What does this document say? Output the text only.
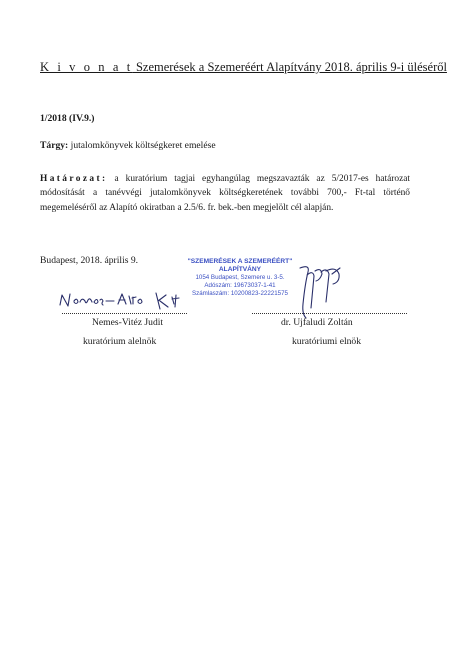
K i v o n a t Szemerések a Szemeréért Alapítvány 2018. április 9-i üléséről
1/2018 (IV.9.)
Tárgy: jutalomkönyvek költségkeret emelése
Határozat: a kuratórium tagjai egyhangúlag megszavazták az 5/2017-es határozat módosítását a tanévvégi jutalomkönyvek költségkeretének további 700,- Ft-tal történő megemeléséről az Alapító okiratban a 2.5/6. fr. bek.-ben megjelölt cél alapján.
Budapest, 2018. április 9.	"SZEMERÉSEK A SZEMERÉÉRT"
ALAPÍTVÁNY
1054 Budapest, Szemere u. 3-5.
Adószám: 19673037-1-41
Számlaszám: 10200823-22221575
Nemes-Vitéz Judit
kuratórium alelnök
dr. Ujfaludi Zoltán
kuratóriumi elnök
